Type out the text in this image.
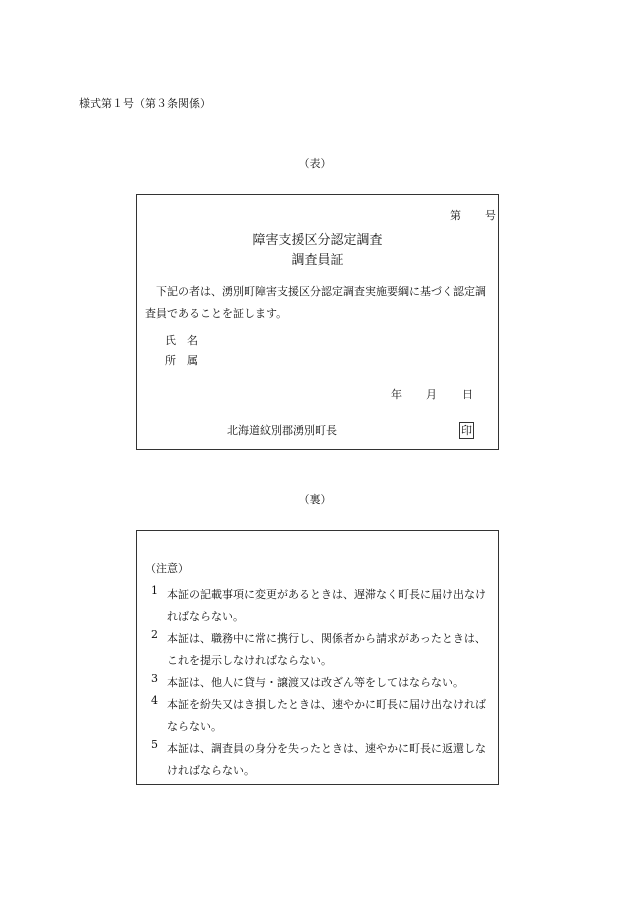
様式第１号（第３条関係）
（表）
第 号
障害支援区分認定調査
調査員証
　下記の者は、湧別町障害支援区分認定調査実施要綱に基づく認定調査員であることを証します。
氏　名
所　属
年 月 日
北海道紋別郡湧別町長	印
（裏）
（注意）
1 本証の記載事項に変更があるときは、遅滞なく町長に届け出なければならない。
2 本証は、職務中に常に携行し、関係者から請求があったときは、これを提示しなければならない。
3 本証は、他人に貸与・譲渡又は改ざん等をしてはならない。
4 本証を紛失又はき損したときは、速やかに町長に届け出なければならない。
5 本証は、調査員の身分を失ったときは、速やかに町長に返還しなければならない。
